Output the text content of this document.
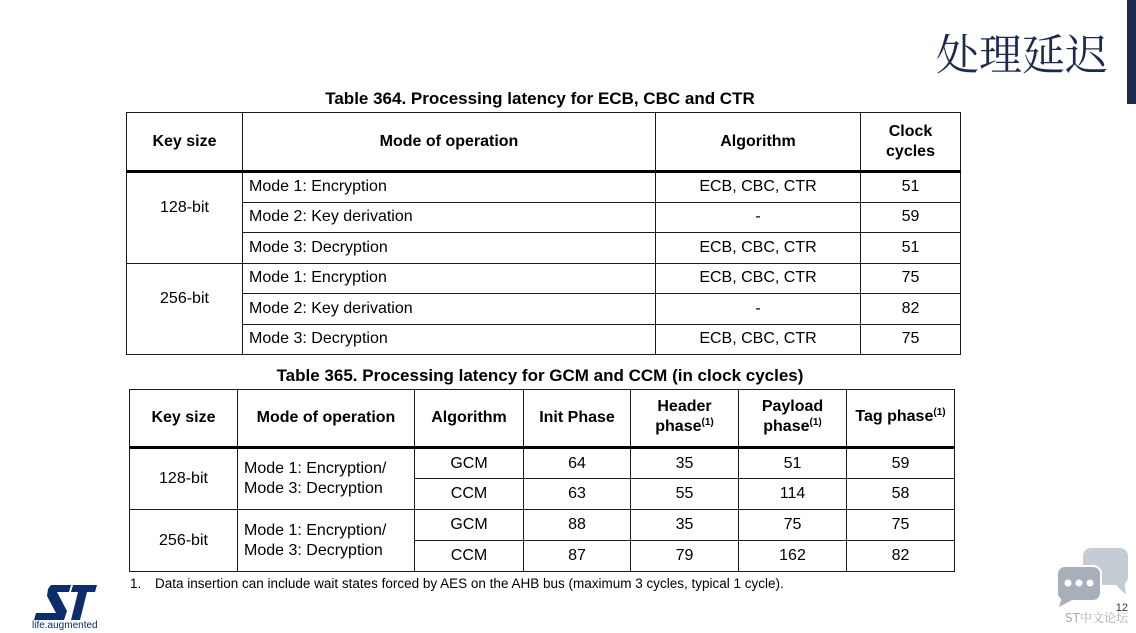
处理延迟
Table 364. Processing latency for ECB, CBC and CTR
Key size	Mode of operation	Algorithm	Clock cycles
128-bit	Mode 1: Encryption	ECB, CBC, CTR	51
	Mode 2: Key derivation	-	59
	Mode 3: Decryption	ECB, CBC, CTR	51
256-bit	Mode 1: Encryption	ECB, CBC, CTR	75
	Mode 2: Key derivation	-	82
	Mode 3: Decryption	ECB, CBC, CTR	75
Table 365. Processing latency for GCM and CCM (in clock cycles)
Key size	Mode of operation	Algorithm	Init Phase	Header phase$^{(1)}$	Payload phase$^{(1)}$	Tag phase$^{(1)}$
128-bit	Mode 1: Encryption/
Mode 3: Decryption	GCM	64	35	51	59
		CCM	63	55	114	58
256-bit	Mode 1: Encryption/
Mode 3: Decryption	GCM	88	35	75	75
		CCM	87	79	162	82
1. Data insertion can include wait states forced by AES on the AHB bus (maximum 3 cycles, typical 1 cycle).
life.augmented
12
ST中文论坛
